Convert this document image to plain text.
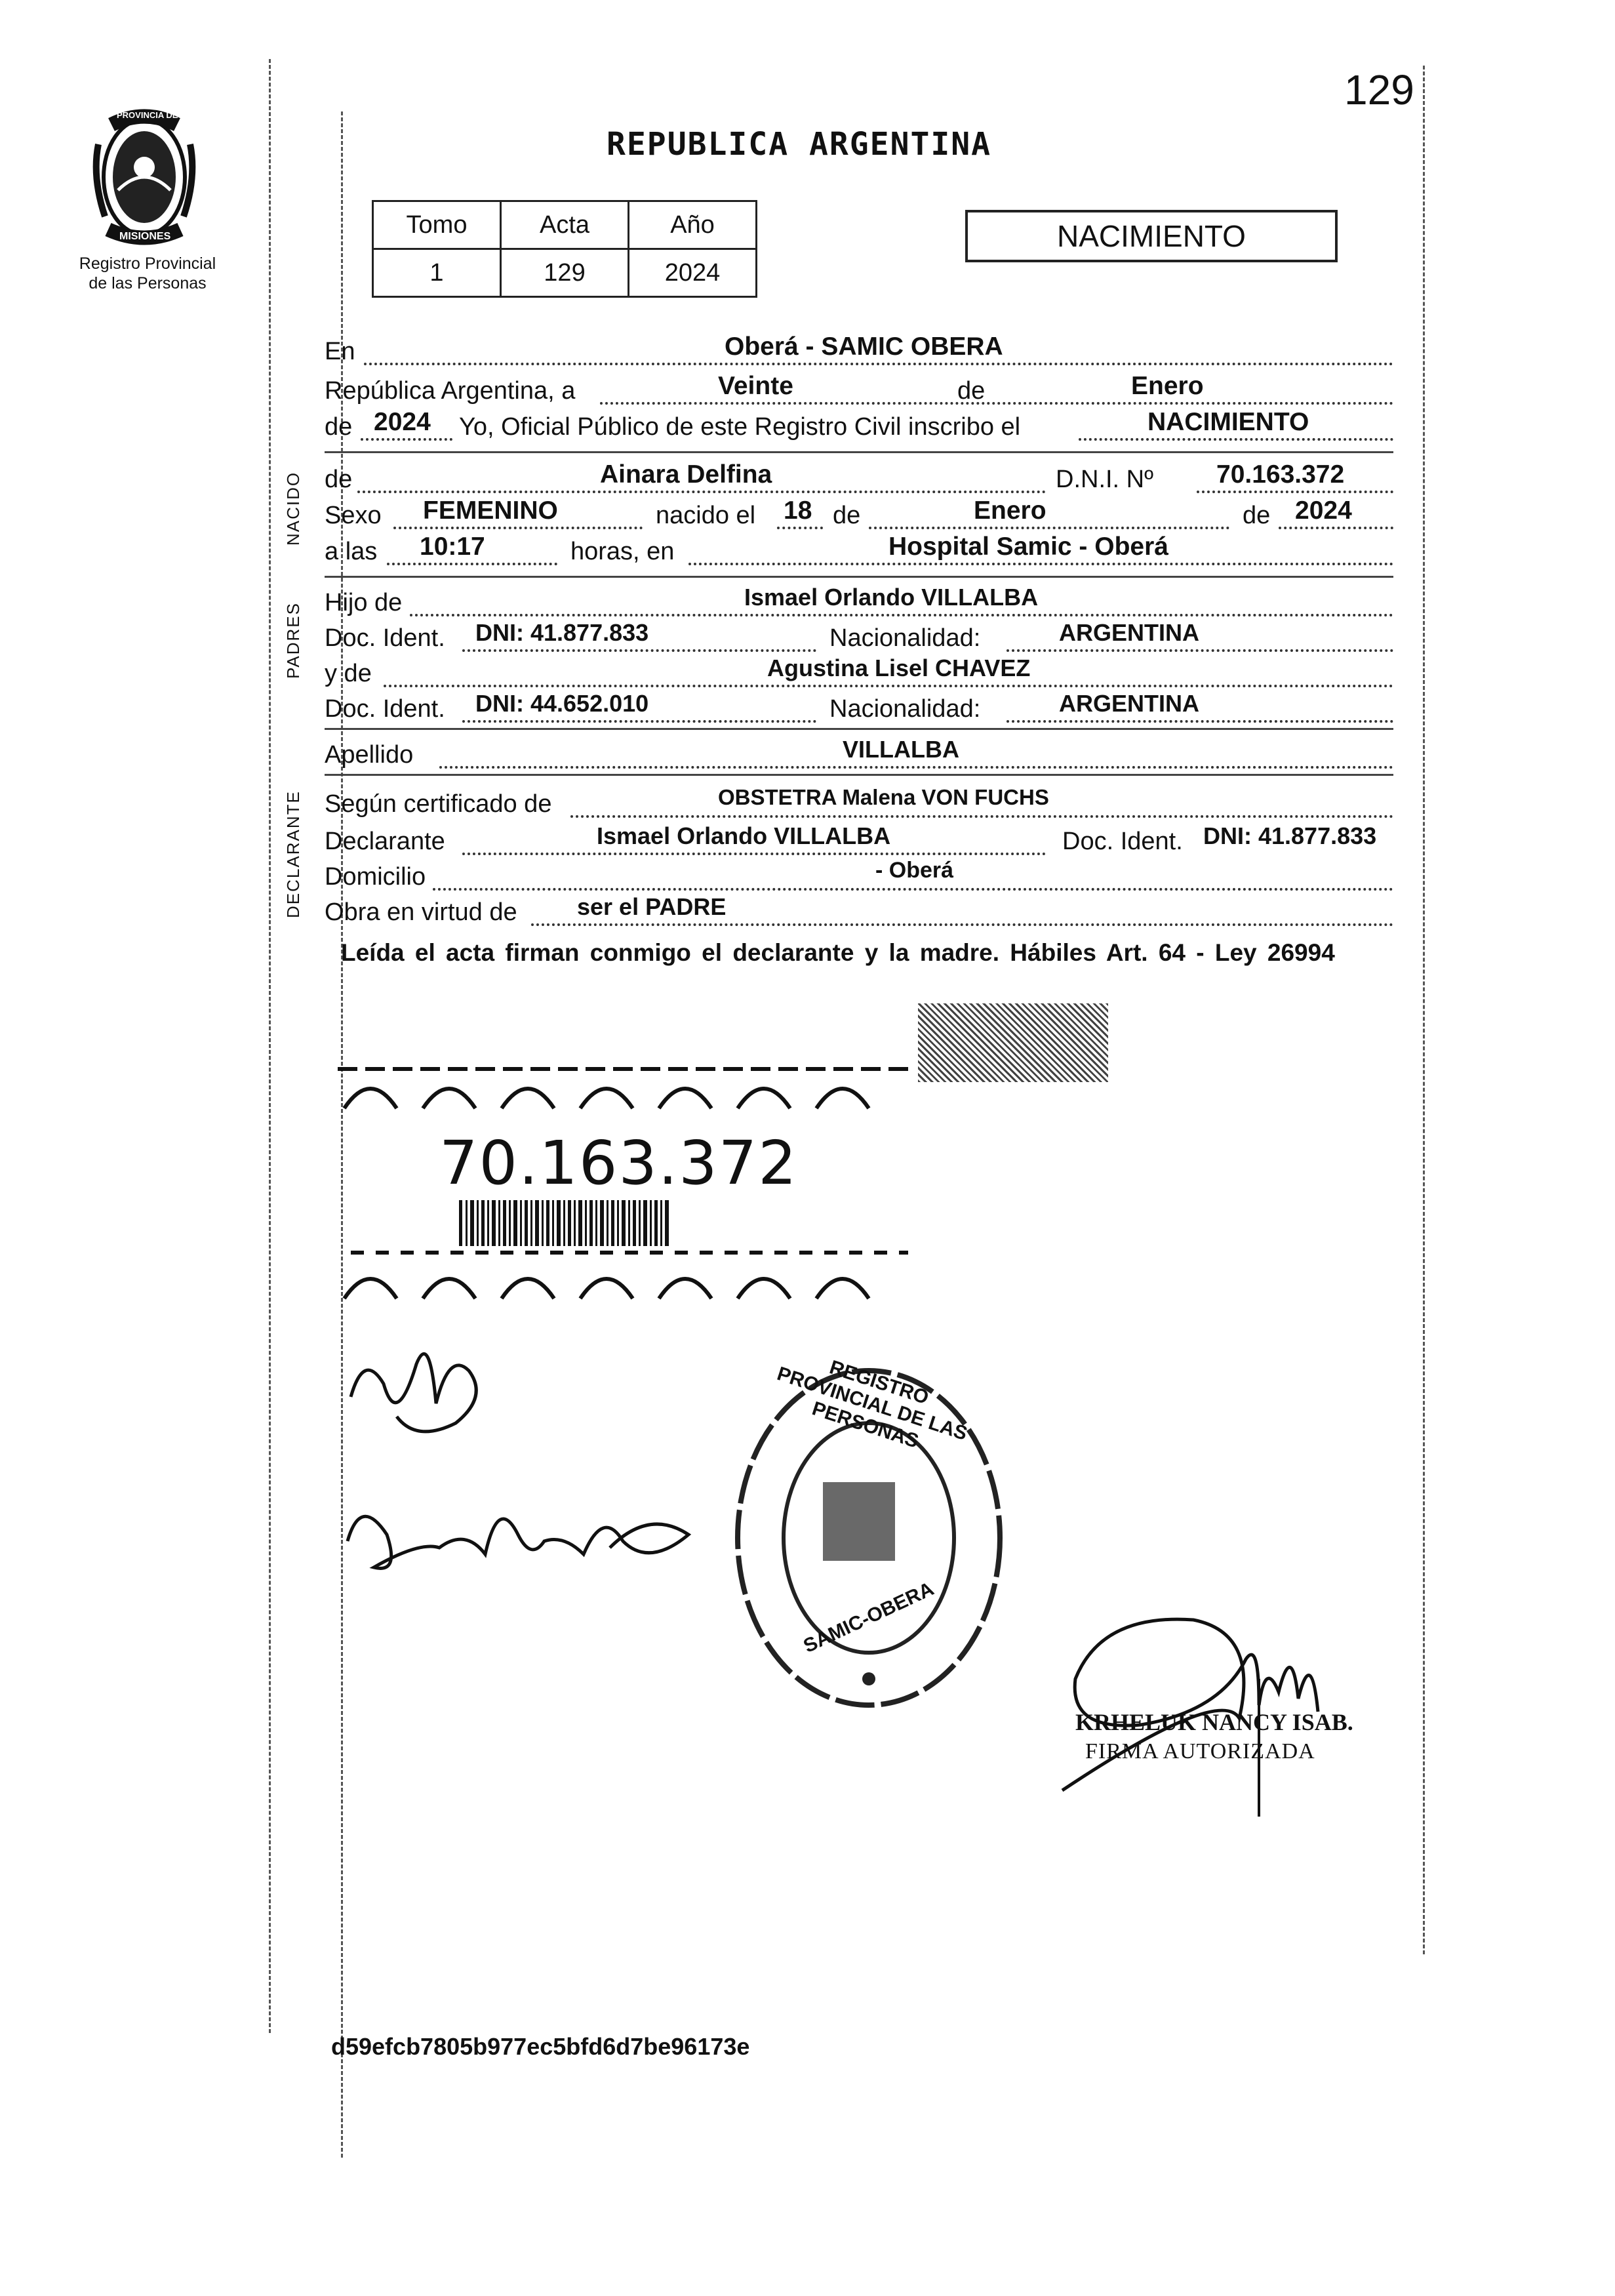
129
PROVINCIA DE
MISIONES
Registro Provincial
de las Personas
REPUBLICA ARGENTINA
Tomo	Acta	Año
1	129	2024
NACIMIENTO
En	Oberá - SAMIC OBERA
República Argentina, a	Veinte	de	Enero
de 2024 Yo, Oficial Público de este Registro Civil inscribo el	NACIMIENTO
NACIDO de	Ainara Delfina	D.N.I. Nº 70.163.372
Sexo FEMENINO	nacido el 18 de	Enero	de 2024
a las 10:17	horas, en	Hospital Samic - Oberá
PADRES Hijo de	Ismael Orlando VILLALBA
Doc. Ident. DNI: 41.877.833	Nacionalidad:	ARGENTINA
y de	Agustina Lisel CHAVEZ
Doc. Ident. DNI: 44.652.010	Nacionalidad:	ARGENTINA
Apellido	VILLALBA
DECLARANTE Según certificado de	OBSTETRA Malena VON FUCHS
Declarante	Ismael Orlando VILLALBA	Doc. Ident. DNI: 41.877.833
Domicilio	- Oberá
Obra en virtud de	ser el PADRE
Leída el acta firman conmigo el declarante y la madre. Hábiles Art. 64 - Ley 26994
70.163.372
REGISTRO PROVINCIAL DE LAS PERSONAS
SAMIC-OBERA
KRHELUK NANCY ISAB.
FIRMA AUTORIZADA
d59efcb7805b977ec5bfd6d7be96173e
